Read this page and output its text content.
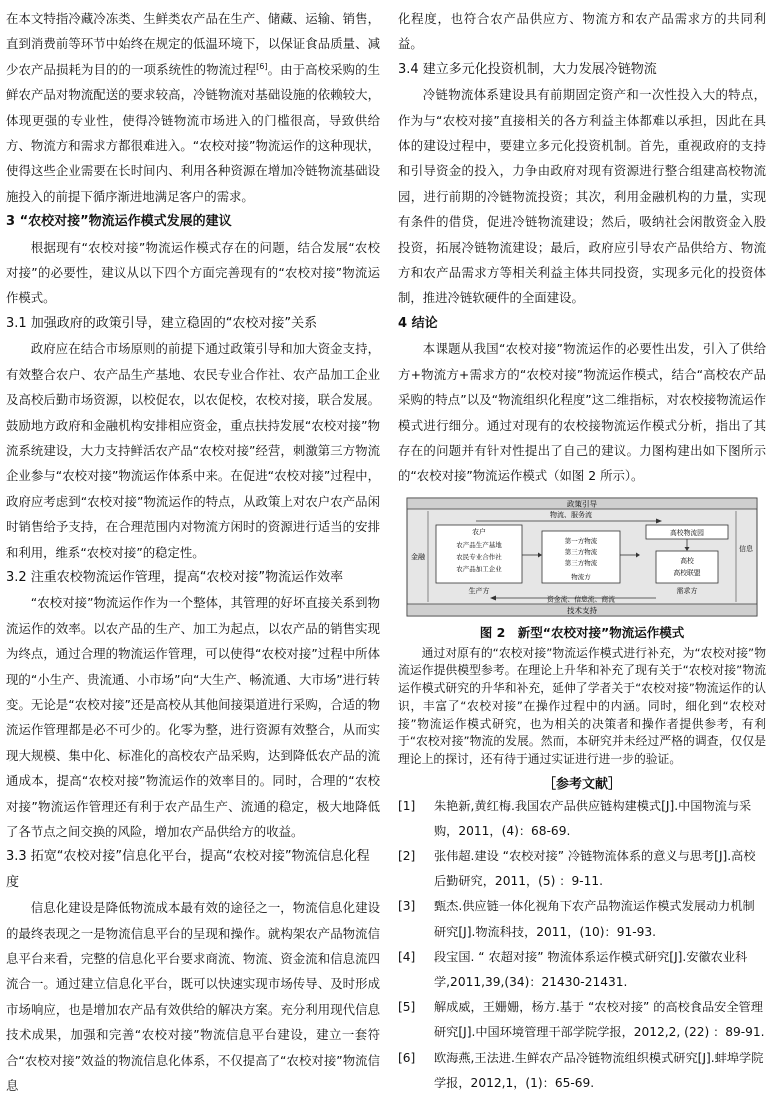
在本文特指冷藏冷冻类、生鲜类农产品在生产、储藏、运输、销售，直到消费前等环节中始终在规定的低温环境下，以保证食品质量、减少农产品损耗为目的的一项系统性的物流过程[6]。由于高校采购的生鲜农产品对物流配送的要求较高，冷链物流对基础设施的依赖较大，体现更强的专业性，使得冷链物流市场进入的门槛很高，导致供给方、物流方和需求方都很难进入。“农校对接”物流运作的这种现状，使得这些企业需要在长时间内、利用各种资源在增加冷链物流基础设施投入的前提下循序渐进地满足客户的需求。

3 “农校对接”物流运作模式发展的建议

根据现有“农校对接”物流运作模式存在的问题，结合发展“农校对接”的必要性，建议从以下四个方面完善现有的“农校对接”物流运作模式。

3.1 加强政府的政策引导，建立稳固的“农校对接”关系

政府应在结合市场原则的前提下通过政策引导和加大资金支持，有效整合农户、农产品生产基地、农民专业合作社、农产品加工企业及高校后勤市场资源，以校促农，以农促校，农校对接，联合发展。鼓励地方政府和金融机构安排相应资金，重点扶持发展“农校对接”物流系统建设，大力支持鲜活农产品“农校对接”经营，刺激第三方物流企业参与“农校对接”物流运作体系中来。在促进“农校对接”过程中，政府应考虑到“农校对接”物流运作的特点，从政策上对农户农产品闲时销售给予支持，在合理范围内对物流方闲时的资源进行适当的安排和利用，维系“农校对接”的稳定性。

3.2 注重农校物流运作管理，提高“农校对接”物流运作效率

“农校对接”物流运作作为一个整体，其管理的好坏直接关系到物流运作的效率。以农产品的生产、加工为起点，以农产品的销售实现为终点，通过合理的物流运作管理，可以使得“农校对接”过程中所体现的“小生产、贵流通、小市场”向“大生产、畅流通、大市场”进行转变。无论是“农校对接”还是高校从其他间接渠道进行采购，合适的物流运作管理都是必不可少的。化零为整，进行资源有效整合，从而实现大规模、集中化、标准化的高校农产品采购，达到降低农产品的流通成本，提高“农校对接”物流运作的效率目的。同时，合理的“农校对接”物流运作管理还有利于农产品生产、流通的稳定，极大地降低了各节点之间交换的风险，增加农产品供给方的收益。

3.3 拓宽“农校对接”信息化平台，提高“农校对接”物流信息化程度

信息化建设是降低物流成本最有效的途径之一，物流信息化建设的最终表现之一是物流信息平台的呈现和操作。就构架农产品物流信息平台来看，完整的信息化平台要求商流、物流、资金流和信息流四流合一。通过建立信息化平台，既可以快速实现市场传导、及时形成市场响应，也是增加农产品有效供给的解决方案。充分利用现代信息技术成果，加强和完善“农校对接”物流信息平台建设，建立一套符合“农校对接”效益的物流信息化体系，不仅提高了“农校对接”物流信息

化程度，也符合农产品供应方、物流方和农产品需求方的共同利益。

3.4 建立多元化投资机制，大力发展冷链物流

冷链物流体系建设具有前期固定资产和一次性投入大的特点，作为与“农校对接”直接相关的各方利益主体都难以承担，因此在具体的建设过程中，要建立多元化投资机制。首先，重视政府的支持和引导资金的投入，力争由政府对现有资源进行整合组建高校物流园，进行前期的冷链物流投资；其次，利用金融机构的力量，实现有条件的借贷，促进冷链物流建设；然后，吸纳社会闲散资金入股投资，拓展冷链物流建设；最后，政府应引导农产品供给方、物流方和农产品需求方等相关利益主体共同投资，实现多元化的投资体制，推进冷链软硬件的全面建设。

4 结论

本课题从我国“农校对接”物流运作的必要性出发，引入了供给方+物流方+需求方的“农校对接”物流运作模式，结合“高校农产品采购的特点”以及“物流组织化程度”这二维指标，对农校接物流运作模式进行细分。通过对现有的农校接物流运作模式分析，指出了其存在的问题并有针对性提出了自己的建议。力图构建出如下图所示的“农校对接”物流运作模式（如图 2 所示）。

政策引导
技术支持
金融
信息
物流、服务流
农户
农产品生产基地
农民专业合作社
农产品加工企业
生产方
第一方物流
第三方物流
第三方物流
物流方
高校物流园
高校
高校联盟
需求方
资金流、信息流、商流
图 2　新型“农校对接”物流运作模式

通过对原有的“农校对接”物流运作模式进行补充，为“农校对接”物流运作提供模型参考。在理论上升华和补充了现有关于“农校对接”物流运作模式研究的升华和补充，延伸了学者关于“农校对接”物流运作的认识，丰富了“农校对接”在操作过程中的内涵。同时，细化到“农校对接”物流运作模式研究，也为相关的决策者和操作者提供参考，有利于“农校对接”物流的发展。然而，本研究并未经过严格的调查，仅仅是理论上的探讨，还有待于通过实证进行进一步的验证。

［参考文献］

[1] 朱艳新,黄红梅.我国农产品供应链构建模式[J].中国物流与采购，2011，(4)：68-69.

[2] 张伟超.建设 “农校对接” 冷链物流体系的意义与思考[J].高校后勤研究，2011，(5) ：9-11.

[3] 甄杰.供应链一体化视角下农产品物流运作模式发展动力机制研究[J].物流科技，2011，(10)：91-93.

[4] 段宝国. “ 农超对接” 物流体系运作模式研究[J].安徽农业科学,2011,39,(34)：21430-21431.

[5] 解成威，王姗姗，杨方.基于 “农校对接” 的高校食品安全管理研究[J].中国环境管理干部学院学报，2012,2, (22) ：89-91.

[6] 欧海燕,王法进.生鲜农产品冷链物流组织模式研究[J].蚌埠学院学报，2012,1，(1)：65-69.
